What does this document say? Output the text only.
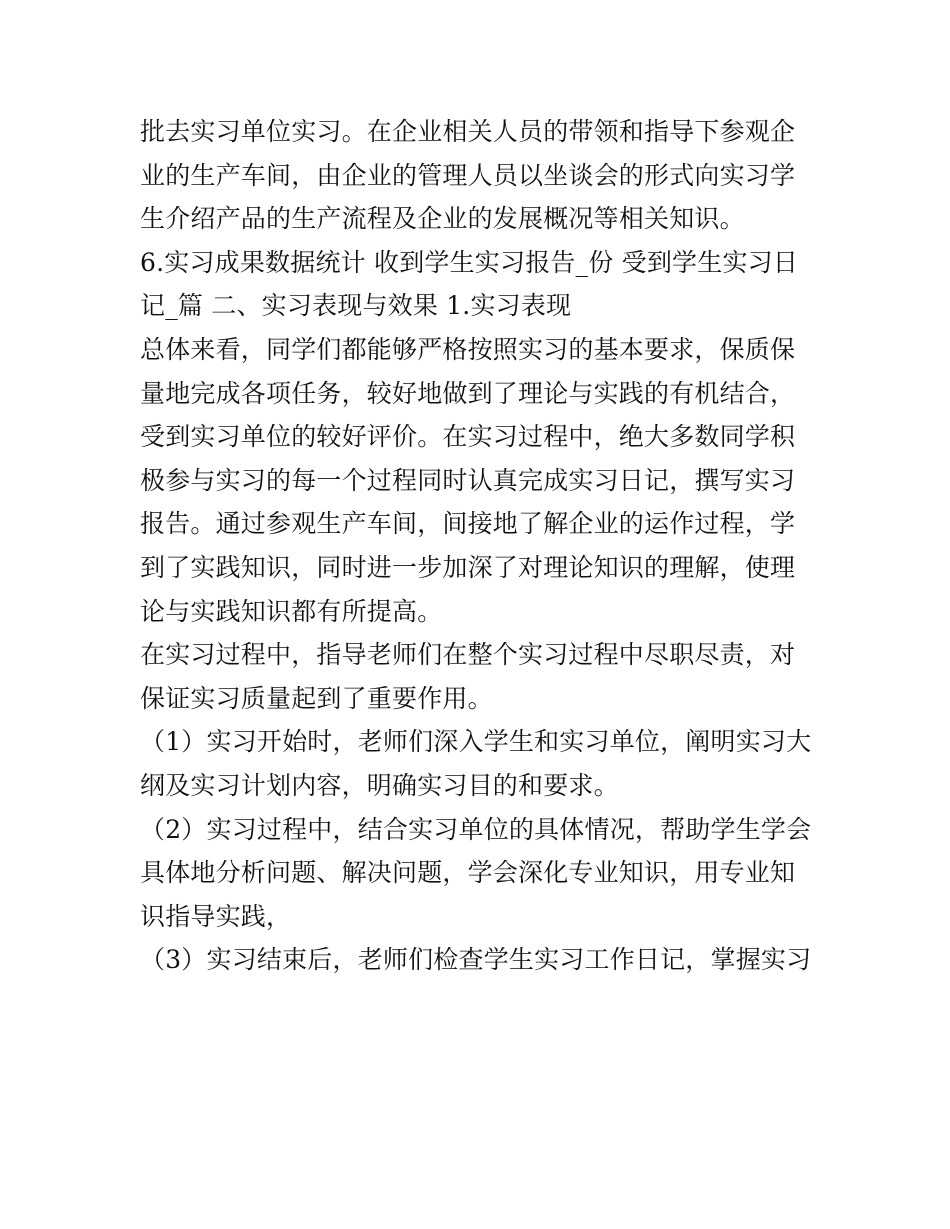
批去实习单位实习。在企业相关人员的带领和指导下参观企业的生产车间，由企业的管理人员以坐谈会的形式向实习学生介绍产品的生产流程及企业的发展概况等相关知识。

6.实习成果数据统计 收到学生实习报告_份 受到学生实习日记_篇 二、实习表现与效果 1.实习表现

总体来看，同学们都能够严格按照实习的基本要求，保质保量地完成各项任务，较好地做到了理论与实践的有机结合，受到实习单位的较好评价。在实习过程中，绝大多数同学积极参与实习的每一个过程同时认真完成实习日记，撰写实习报告。通过参观生产车间，间接地了解企业的运作过程，学到了实践知识，同时进一步加深了对理论知识的理解，使理论与实践知识都有所提高。

在实习过程中，指导老师们在整个实习过程中尽职尽责，对保证实习质量起到了重要作用。

（1）实习开始时，老师们深入学生和实习单位，阐明实习大纲及实习计划内容，明确实习目的和要求。

（2）实习过程中，结合实习单位的具体情况，帮助学生学会具体地分析问题、解决问题，学会深化专业知识，用专业知识指导实践，

（3）实习结束后，老师们检查学生实习工作日记，掌握实习
